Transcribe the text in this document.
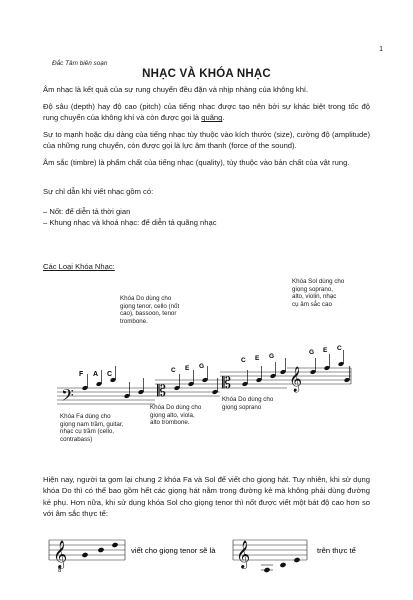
1
Đắc Tâm biên soạn
NHẠC VÀ KHÓA NHẠC
Âm nhạc là kết quả của sự rung chuyển đều đặn và nhịp nhàng của không khí.
Độ sâu (depth) hay độ cao (pitch) của tiếng nhạc được tạo nên bởi sự khác biệt trong tốc độ rung chuyển của không khí và còn được gọi là quãng.
Sự to mạnh hoặc dịu dàng của tiếng nhạc tùy thuộc vào kích thước (size), cường độ (amplitude) của những rung chuyển, còn được gọi là lực âm thanh (force of the sound).
Âm sắc (timbre) là phẩm chất của tiếng nhạc (quality), tùy thuộc vào bản chất của vật rung.
Sự chỉ dẫn khi viết nhạc gồm có:
– Nốt: để diễn tả thời gian
– Khung nhạc và khoá nhạc: để diễn tả quãng nhạc
Các Loại Khóa Nhạc:
Khóa Do dùng cho
giọng tenor, cello (nốt
cao), bassoon, tenor
trombone.
Khóa Sol dùng cho
giọng soprano,
alto, violin, nhạc
cụ âm sắc cao
Khóa Fa dùng cho
giọng nam trầm, guitar,
nhạc cụ trầm (cello,
contrabass)
Khóa Do dùng cho
giọng alto, viola,
alto trombone.
Khóa Do dùng cho
giọng soprano
𝄢
F A C
𝄡
C E G
𝄡
C E G
𝄞
G E C
Hiện nay, người ta gom lại chung 2 khóa Fa và Sol để viết cho giọng hát. Tuy nhiên, khi sử dụng khóa Do thì có thể bao gồm hết các giọng hát nằm trong đường kẻ mà không phải dùng đường kẻ phụ. Hơn nữa, khi sử dụng khóa Sol cho giọng tenor thì nốt được viết một bát độ cao hơn so với âm sắc thực tế:
𝄞
8
viết cho giọng tenor sẽ là 𝄞	trên thực tế
